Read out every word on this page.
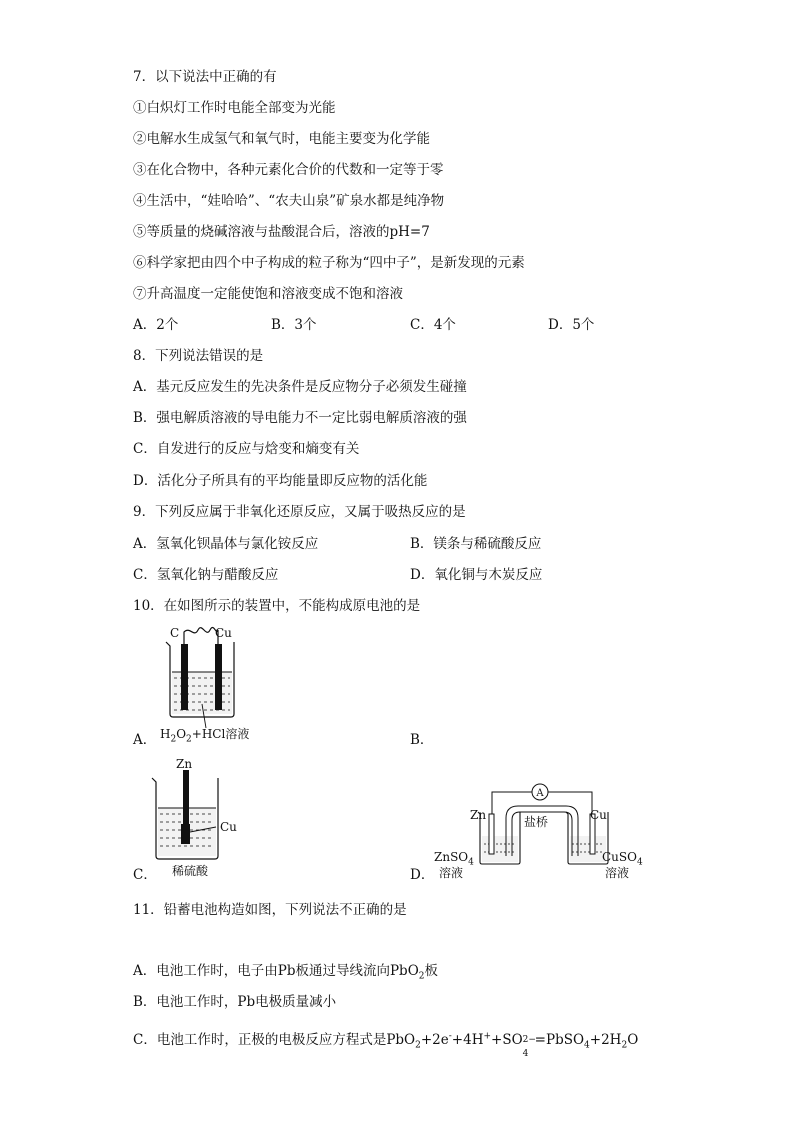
7．以下说法中正确的有
①白炽灯工作时电能全部变为光能
②电解水生成氢气和氧气时，电能主要变为化学能
③在化合物中，各种元素化合价的代数和一定等于零
④生活中，“娃哈哈”、“农夫山泉”矿泉水都是纯净物
⑤等质量的烧碱溶液与盐酸混合后，溶液的pH=7
⑥科学家把由四个中子构成的粒子称为“四中子”，是新发现的元素
⑦升高温度一定能使饱和溶液变成不饱和溶液
A．2个	B．3个	C．4个	D．5个
8．下列说法错误的是
A．基元反应发生的先决条件是反应物分子必须发生碰撞
B．强电解质溶液的导电能力不一定比弱电解质溶液的强
C．自发进行的反应与焓变和熵变有关
D．活化分子所具有的平均能量即反应物的活化能
9．下列反应属于非氧化还原反应，又属于吸热反应的是
A．氢氧化钡晶体与氯化铵反应	B．镁条与稀硫酸反应
C．氢氧化钠与醋酸反应	D．氧化铜与木炭反应
10．在如图所示的装置中，不能构成原电池的是
C	Cu
$H_2O_2+HCl$溶液
A．	B．
Zn
Cu
稀硫酸
C．
A
Zn	Cu
盐桥
ZnSO$_4$
溶液
CuSO$_4$
溶液
D．
11．铅蓄电池构造如图，下列说法不正确的是
A．电池工作时，电子由Pb板通过导线流向PbO$_2$板
B．电池工作时，Pb电极质量减小
C．电池工作时，正极的电极反应方程式是PbO$_2$+2e-+4H++SO 2−
4
$=PbSO_4+2H_2O$
